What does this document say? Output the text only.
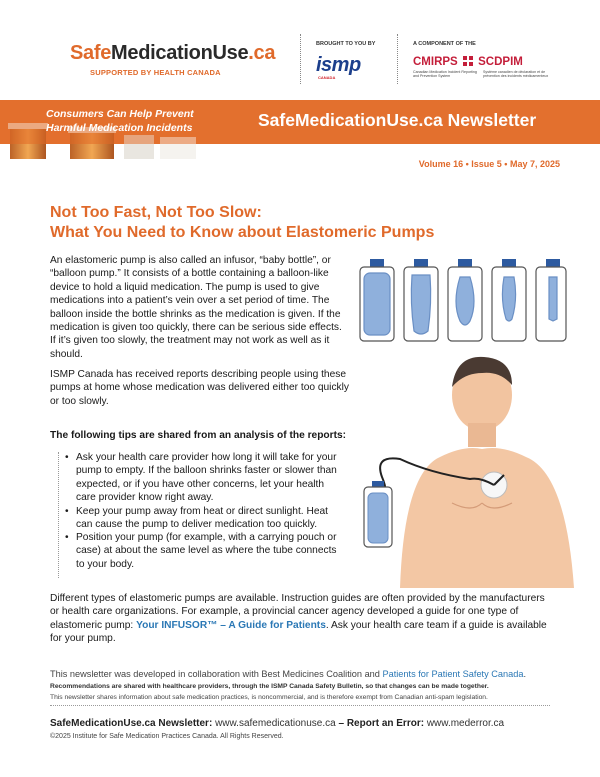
SafeMedicationUse.ca
SUPPORTED BY HEALTH CANADA
BROUGHT TO YOU BY
ismp
CANADA
A COMPONENT OF THE
CMIRPS SCDPIM
Canadian Medication Incident Reporting and Prevention System
Système canadien de déclaration et de prévention des incidents médicamenteux
Consumers Can Help Prevent
Harmful Medication Incidents	SafeMedicationUse.ca Newsletter
Volume 16 • Issue 5 • May 7, 2025
Not Too Fast, Not Too Slow:
What You Need to Know about Elastomeric Pumps
An elastomeric pump is also called an infusor, “baby bottle”, or “balloon pump.” It consists of a bottle containing a balloon-like device to hold a liquid medication. The pump is used to give medications into a patient’s vein over a set period of time. The balloon inside the bottle shrinks as the medication is given. If the medication is given too quickly, there can be serious side effects. If it’s given too slowly, the treatment may not work as well as it should.
ISMP Canada has received reports describing people using these pumps at home whose medication was delivered either too quickly or too slowly.
The following tips are shared from an analysis of the reports:
• Ask your health care provider how long it will take for your pump to empty. If the balloon shrinks faster or slower than expected, or if you have other concerns, let your health care provider know right away.
• Keep your pump away from heat or direct sunlight. Heat can cause the pump to deliver medication too quickly.
• Position your pump (for example, with a carrying pouch or case) at about the same level as where the tube connects to your body.
Different types of elastomeric pumps are available. Instruction guides are often provided by the manufacturers or health care organizations. For example, a provincial cancer agency developed a guide for one type of elastomeric pump: Your INFUSOR™ – A Guide for Patients. Ask your health care team if a guide is available for your pump.
This newsletter was developed in collaboration with Best Medicines Coalition and Patients for Patient Safety Canada.
Recommendations are shared with healthcare providers, through the ISMP Canada Safety Bulletin, so that changes can be made together.
This newsletter shares information about safe medication practices, is noncommercial, and is therefore exempt from Canadian anti-spam legislation.
SafeMedicationUse.ca Newsletter: www.safemedicationuse.ca – Report an Error: www.mederror.ca
©2025 Institute for Safe Medication Practices Canada. All Rights Reserved.
